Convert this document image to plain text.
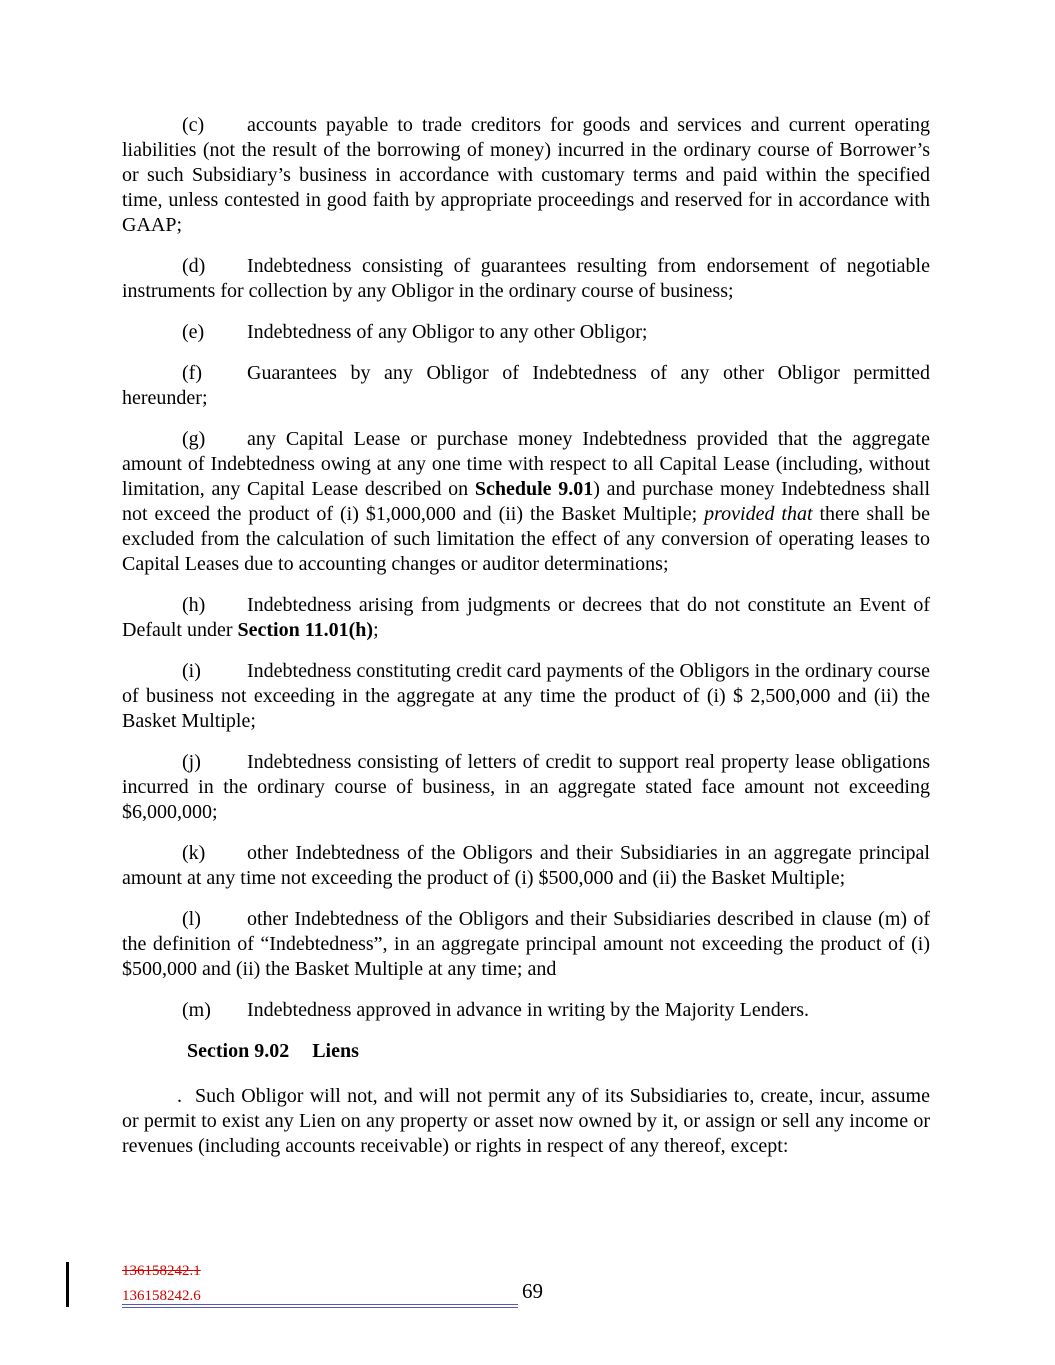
(c) accounts payable to trade creditors for goods and services and current operating liabilities (not the result of the borrowing of money) incurred in the ordinary course of Borrower’s or such Subsidiary’s business in accordance with customary terms and paid within the specified time, unless contested in good faith by appropriate proceedings and reserved for in accordance with GAAP;

(d) Indebtedness consisting of guarantees resulting from endorsement of negotiable instruments for collection by any Obligor in the ordinary course of business;

(e) Indebtedness of any Obligor to any other Obligor;

(f) Guarantees by any Obligor of Indebtedness of any other Obligor permitted hereunder;

(g) any Capital Lease or purchase money Indebtedness provided that the aggregate amount of Indebtedness owing at any one time with respect to all Capital Lease (including, without limitation, any Capital Lease described on Schedule 9.01) and purchase money Indebtedness shall not exceed the product of (i) $1,000,000 and (ii) the Basket Multiple; provided that there shall be excluded from the calculation of such limitation the effect of any conversion of operating leases to Capital Leases due to accounting changes or auditor determinations;

(h) Indebtedness arising from judgments or decrees that do not constitute an Event of Default under Section 11.01(h);

(i) Indebtedness constituting credit card payments of the Obligors in the ordinary course of business not exceeding in the aggregate at any time the product of (i) $ 2,500,000 and (ii) the Basket Multiple;

(j) Indebtedness consisting of letters of credit to support real property lease obligations incurred in the ordinary course of business, in an aggregate stated face amount not exceeding $6,000,000;

(k) other Indebtedness of the Obligors and their Subsidiaries in an aggregate principal amount at any time not exceeding the product of (i) $500,000 and (ii) the Basket Multiple;

(l) other Indebtedness of the Obligors and their Subsidiaries described in clause (m) of the definition of “Indebtedness”, in an aggregate principal amount not exceeding the product of (i) $500,000 and (ii) the Basket Multiple at any time; and

(m) Indebtedness approved in advance in writing by the Majority Lenders.

Section 9.02 Liens

. Such Obligor will not, and will not permit any of its Subsidiaries to, create, incur, assume or permit to exist any Lien on any property or asset now owned by it, or assign or sell any income or revenues (including accounts receivable) or rights in respect of any thereof, except:

136158242.1
136158242.6	69
